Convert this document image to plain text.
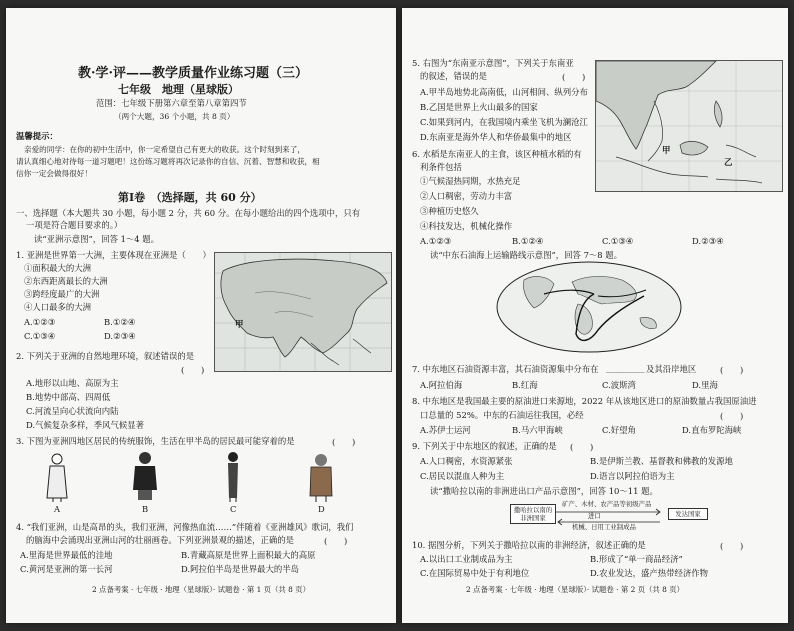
教·学·评——教学质量作业练习题（三）
七年级　地理（星球版）
范围：七年级下册第六章至第八章第四节
（两个大题，36 个小题，共 8 页）
温馨提示：
亲爱的同学：在你的初中生活中，你一定希望自己有更大的收获。这个时刻到来了，
请认真细心地对待每一道习题吧！这份练习题将再次记录你的自信、沉着、智慧和收获，相
信你一定会做得很好！
第Ⅰ卷　（选择题，共 60 分）
一、选择题（本大题共 30 小题，每小题 2 分，共 60 分。在每小题给出的四个选项中，只有
一项是符合题目要求的。）
读“亚洲示意图”，回答 1～4 题。
1. 亚洲是世界第一大洲，主要体现在亚洲是（　　）
①面积最大的大洲
②东西距离最长的大洲
③跨经度最广的大洲
④人口最多的大洲
A.①②③	B.①②④
C.①③④	D.②③④
甲
2. 下列关于亚洲的自然地理环境，叙述错误的是
(　　)
A.地形以山地、高原为主
B.地势中部高、四周低
C.河流呈向心状流向内陆
D.气候复杂多样，季风气候显著
3. 下图为亚洲四地区居民的传统服饰，生活在甲半岛的居民最可能穿着的是	(　　)
A	B	C	D
4. “我们亚洲，山是高昂的头，我们亚洲，河像热血流……”伴随着《亚洲雄风》歌词，我们
的脑海中会涌现出亚洲山河的壮丽画卷。下列亚洲景观的描述，正确的是	(　　)
A.里海是世界最低的洼地	B.青藏高原是世界上面积最大的高原
C.黄河是亚洲的第一长河	D.阿拉伯半岛是世界最大的半岛
2 点备考案 · 七年级 · 地理（星球版）· 试题卷 · 第 1 页（共 8 页）
5. 右图为“东南亚示意图”，下列关于东南亚
的叙述，错误的是	(　　)
A.甲半岛地势北高南低，山河相间、纵列分布
B.乙国是世界上火山最多的国家
C.如果到河内，在我国境内乘坐飞机为澜沧江
D.东南亚是海外华人和华侨最集中的地区
甲
乙
6. 水稻是东南亚人的主食，该区种植水稻的有
利条件包括
①气候湿热同期，水热充足
②人口稠密，劳动力丰富
③种植历史悠久
④科技发达，机械化操作
A.①②③	B.①②④	C.①③④	D.②③④
读“中东石油海上运输路线示意图”，回答 7～8 题。
7. 中东地区石油资源丰富，其石油资源集中分布在 ________ 及其沿岸地区	(　　)
A.阿拉伯海	B.红海	C.波斯湾	D.里海
8. 中东地区是我国最主要的原油进口来源地，2022 年从该地区进口的原油数量占我国原油进
口总量的 52%。中东的石油运往我国，必经	(　　)
A.苏伊士运河	B.马六甲海峡	C.好望角	D.直布罗陀海峡
9. 下列关于中东地区的叙述，正确的是 (　　)
A.人口稠密，水资源紧张	B.是伊斯兰教、基督教和佛教的发源地
C.居民以混血人种为主	D.语言以阿拉伯语为主
读“撒哈拉以南的非洲进出口产品示意图”，回答 10～11 题。
撒哈拉以南的非洲国家
矿产、木材、农产品等初级产品
进口
机械、日用工业制成品
发达国家
10. 据图分析，下列关于撒哈拉以南的非洲经济，叙述正确的是	(　　)
A.以出口工业制成品为主	B.形成了“单一商品经济”
C.在国际贸易中处于有利地位	D.农业发达，盛产热带经济作物
2 点备考案 · 七年级 · 地理（星球版）· 试题卷 · 第 2 页（共 8 页）
